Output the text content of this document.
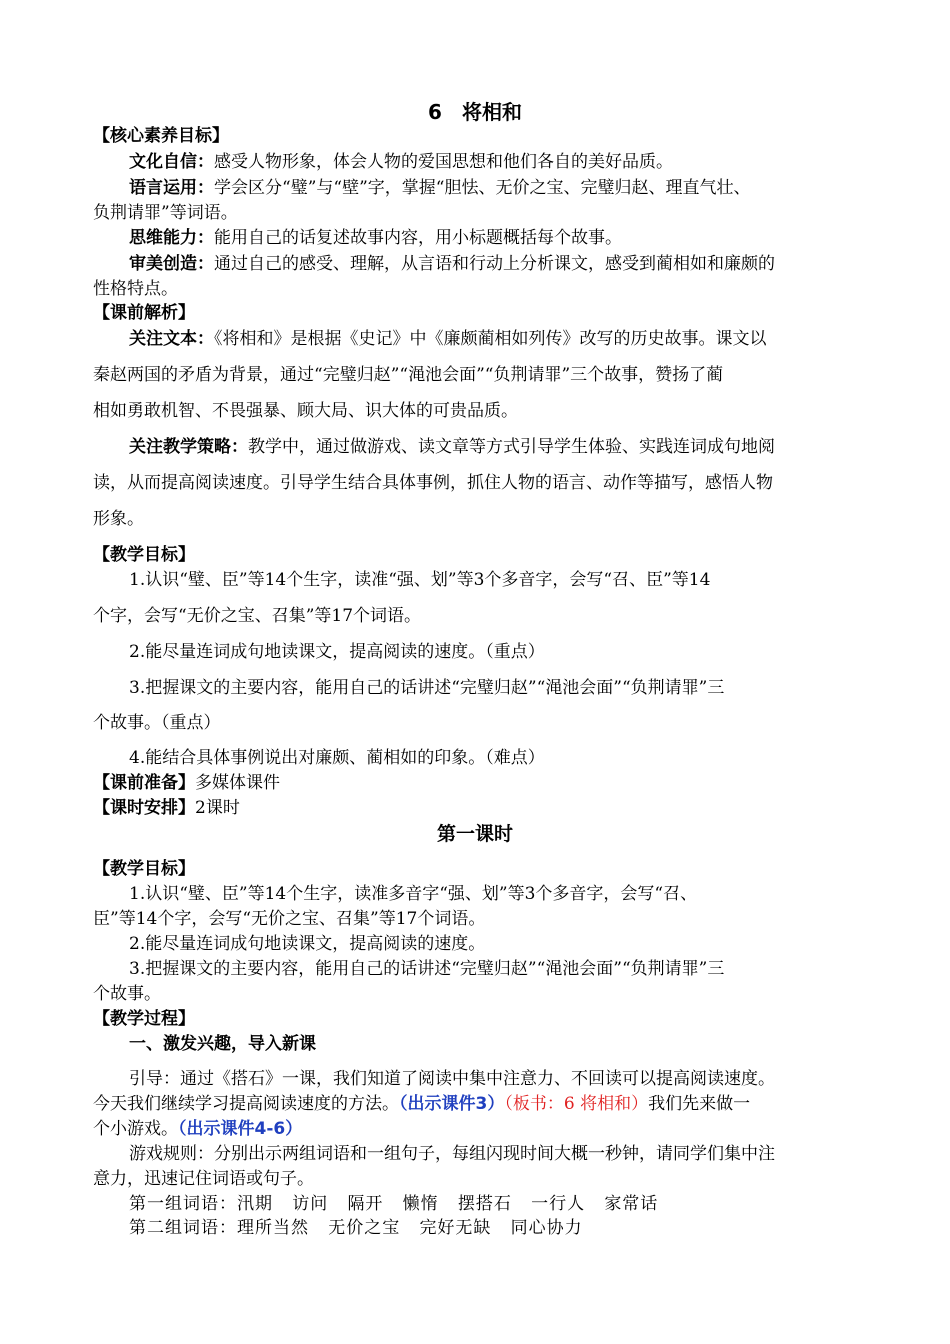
6　将相和
【核心素养目标】
文化自信：感受人物形象，体会人物的爱国思想和他们各自的美好品质。
语言运用：学会区分“璧”与“壁”字，掌握“胆怯、无价之宝、完璧归赵、理直气壮、
负荆请罪”等词语。
思维能力：能用自己的话复述故事内容，用小标题概括每个故事。
审美创造：通过自己的感受、理解，从言语和行动上分析课文，感受到蔺相如和廉颇的
性格特点。
【课前解析】
关注文本：《将相和》是根据《史记》中《廉颇蔺相如列传》改写的历史故事。课文以
秦赵两国的矛盾为背景，通过“完璧归赵”“渑池会面”“负荆请罪”三个故事，赞扬了蔺
相如勇敢机智、不畏强暴、顾大局、识大体的可贵品质。
关注教学策略：教学中，通过做游戏、读文章等方式引导学生体验、实践连词成句地阅
读，从而提高阅读速度。引导学生结合具体事例，抓住人物的语言、动作等描写，感悟人物
形象。
【教学目标】
1.认识“璧、臣”等14个生字，读准“强、划”等3个多音字，会写“召、臣”等14
个字，会写“无价之宝、召集”等17个词语。
2.能尽量连词成句地读课文，提高阅读的速度。（重点）
3.把握课文的主要内容，能用自己的话讲述“完璧归赵”“渑池会面”“负荆请罪”三
个故事。（重点）
4.能结合具体事例说出对廉颇、蔺相如的印象。（难点）
【课前准备】多媒体课件
【课时安排】2课时
第一课时
【教学目标】
1.认识“璧、臣”等14个生字，读准多音字“强、划”等3个多音字，会写“召、
臣”等14个字，会写“无价之宝、召集”等17个词语。
2.能尽量连词成句地读课文，提高阅读的速度。
3.把握课文的主要内容，能用自己的话讲述“完璧归赵”“渑池会面”“负荆请罪”三
个故事。
【教学过程】
一、激发兴趣，导入新课
引导：通过《搭石》一课，我们知道了阅读中集中注意力、不回读可以提高阅读速度。
今天我们继续学习提高阅读速度的方法。（出示课件3）（板书：6 将相和）我们先来做一
个小游戏。（出示课件4-6）
游戏规则：分别出示两组词语和一组句子，每组闪现时间大概一秒钟，请同学们集中注
意力，迅速记住词语或句子。
第一组词语：汛期 访问 隔开 懒惰 摆搭石 一行人 家常话
第二组词语：理所当然 无价之宝 完好无缺 同心协力
